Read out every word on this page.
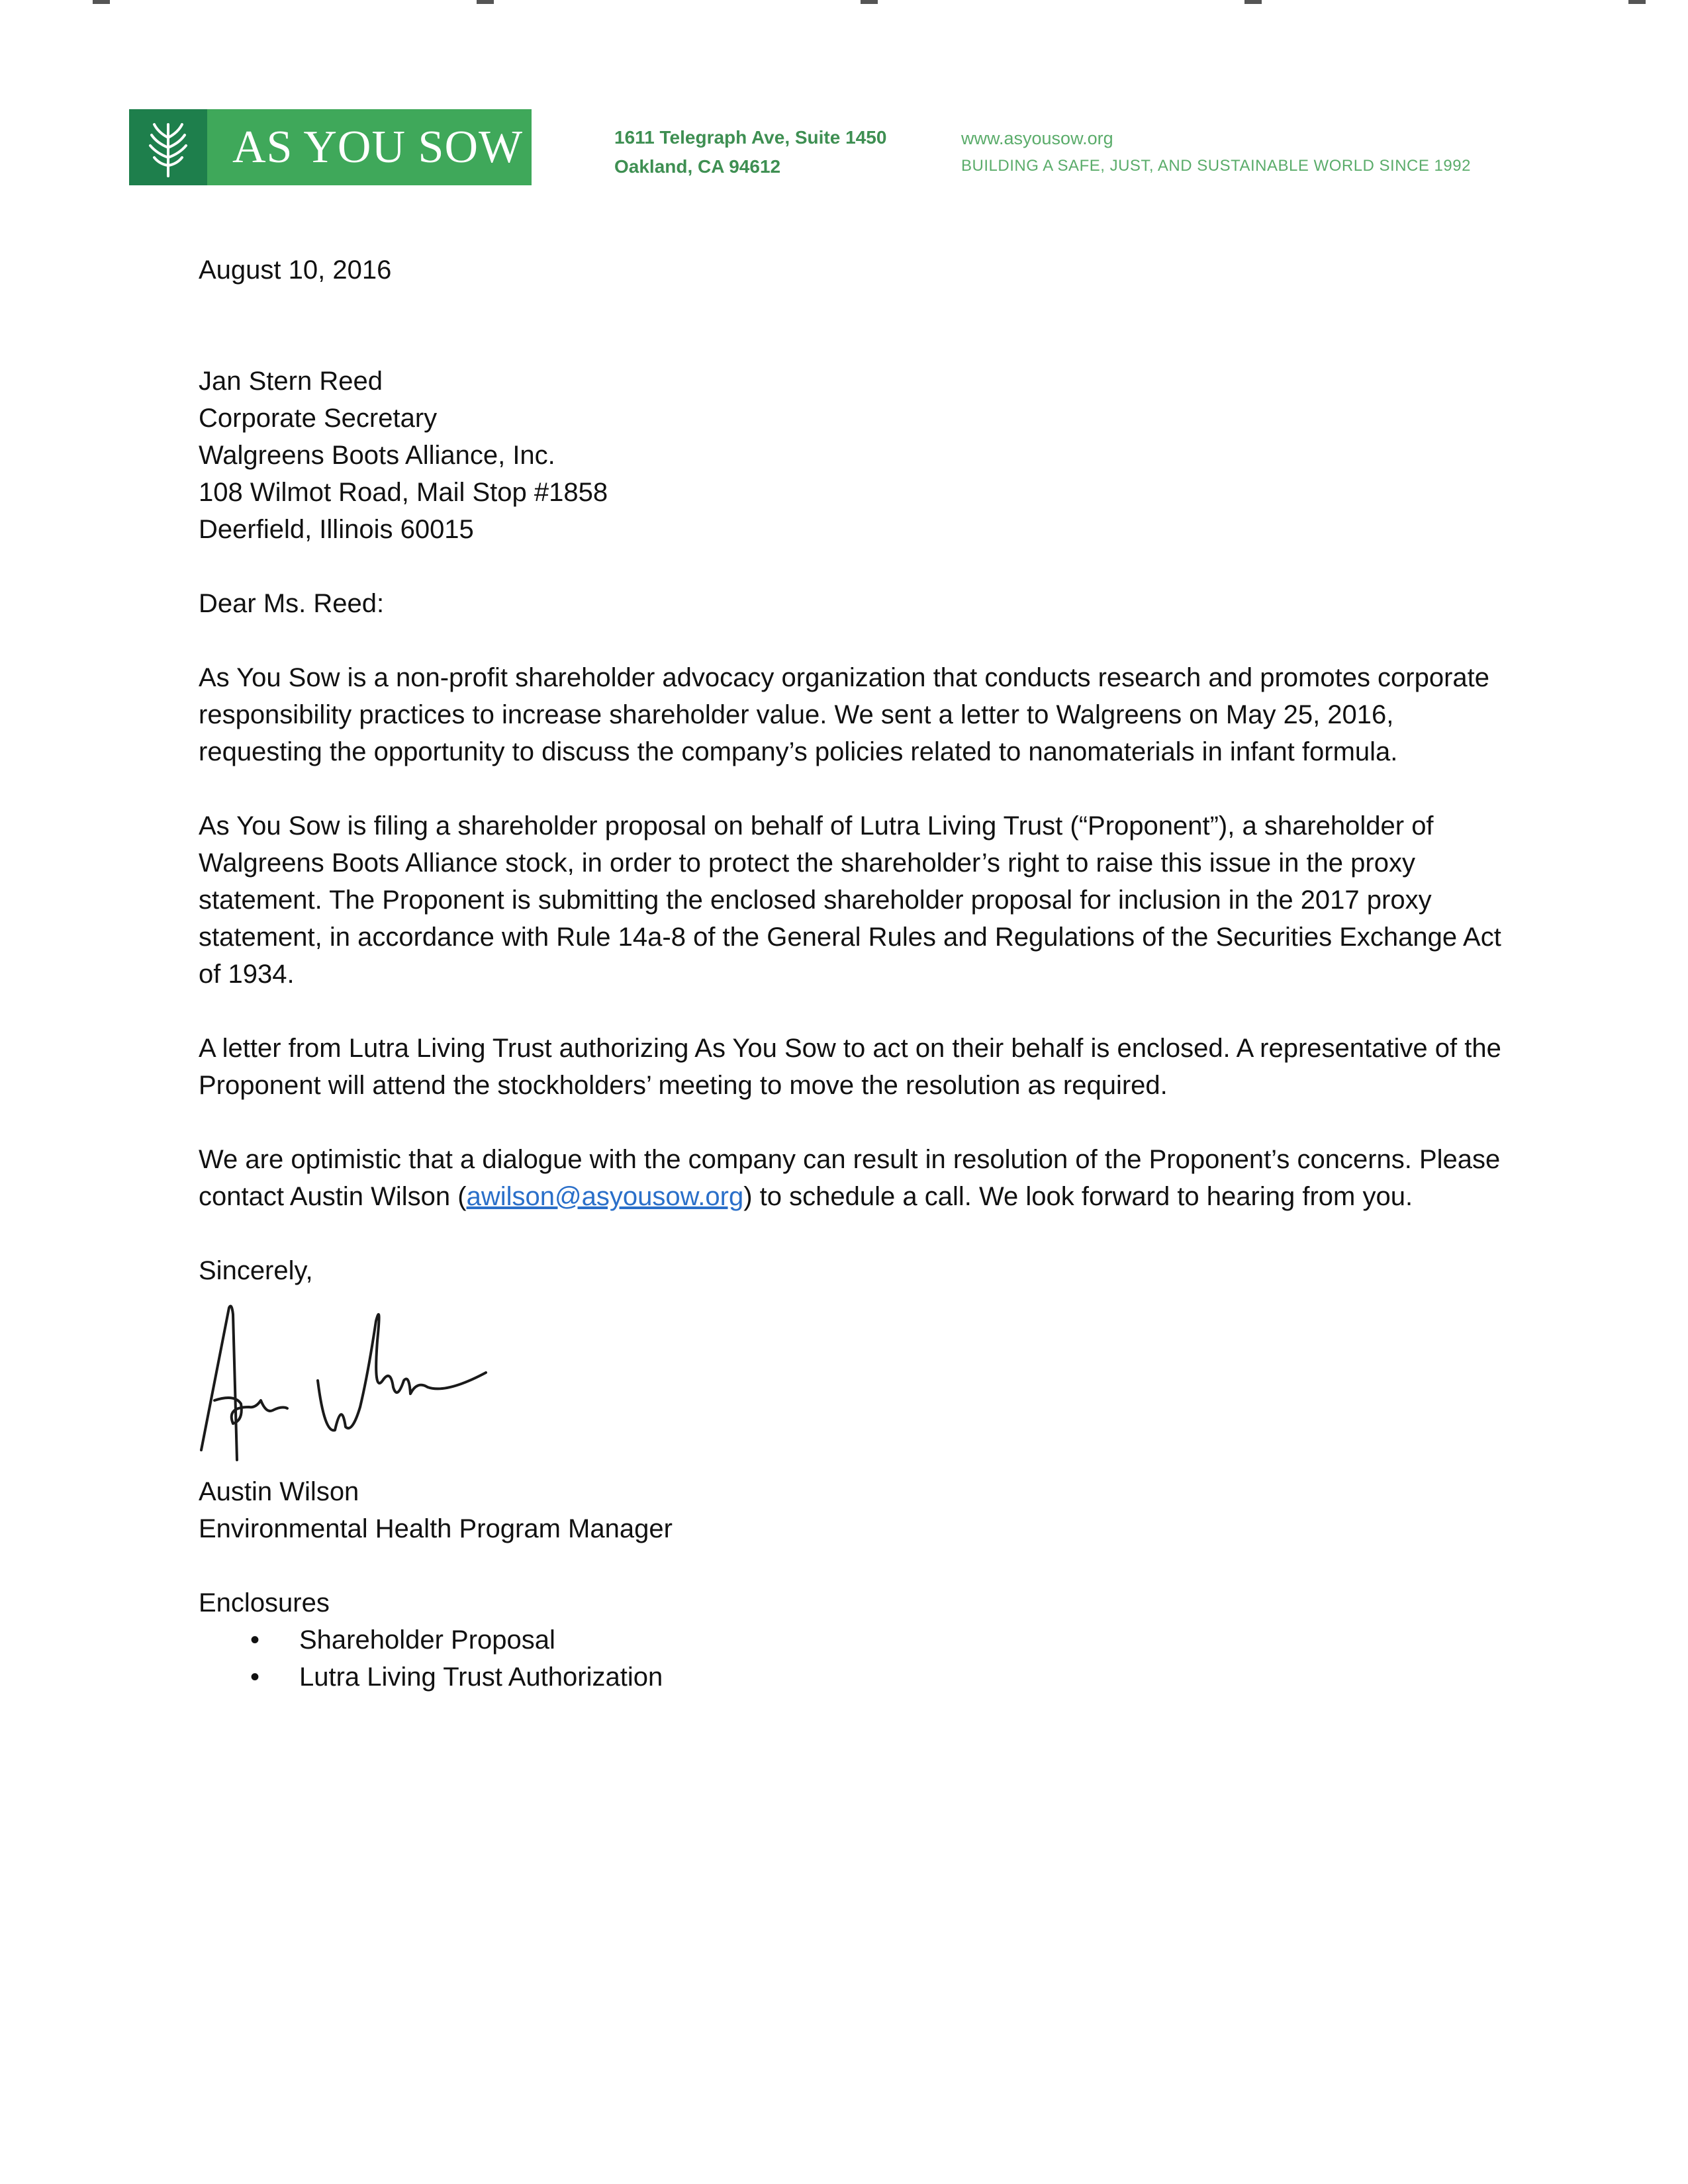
AS YOU SOW	1611 Telegraph Ave, Suite 1450
Oakland, CA 94612
www.asyousow.org
BUILDING A SAFE, JUST, AND SUSTAINABLE WORLD SINCE 1992

August 10, 2016

Jan Stern Reed

Corporate Secretary

Walgreens Boots Alliance, Inc.

108 Wilmot Road, Mail Stop #1858

Deerfield, Illinois 60015

Dear Ms. Reed:

As You Sow is a non-profit shareholder advocacy organization that conducts research and promotes corporate responsibility practices to increase shareholder value. We sent a letter to Walgreens on May 25, 2016, requesting the opportunity to discuss the company’s policies related to nanomaterials in infant formula.

As You Sow is filing a shareholder proposal on behalf of Lutra Living Trust (“Proponent”), a shareholder of Walgreens Boots Alliance stock, in order to protect the shareholder’s right to raise this issue in the proxy statement. The Proponent is submitting the enclosed shareholder proposal for inclusion in the 2017 proxy statement, in accordance with Rule 14a-8 of the General Rules and Regulations of the Securities Exchange Act of 1934.

A letter from Lutra Living Trust authorizing As You Sow to act on their behalf is enclosed. A representative of the Proponent will attend the stockholders’ meeting to move the resolution as required.

We are optimistic that a dialogue with the company can result in resolution of the Proponent’s concerns. Please contact Austin Wilson (awilson@asyousow.org) to schedule a call. We look forward to hearing from you.

Sincerely,

Austin Wilson

Environmental Health Program Manager

Enclosures

• Shareholder Proposal
• Lutra Living Trust Authorization
